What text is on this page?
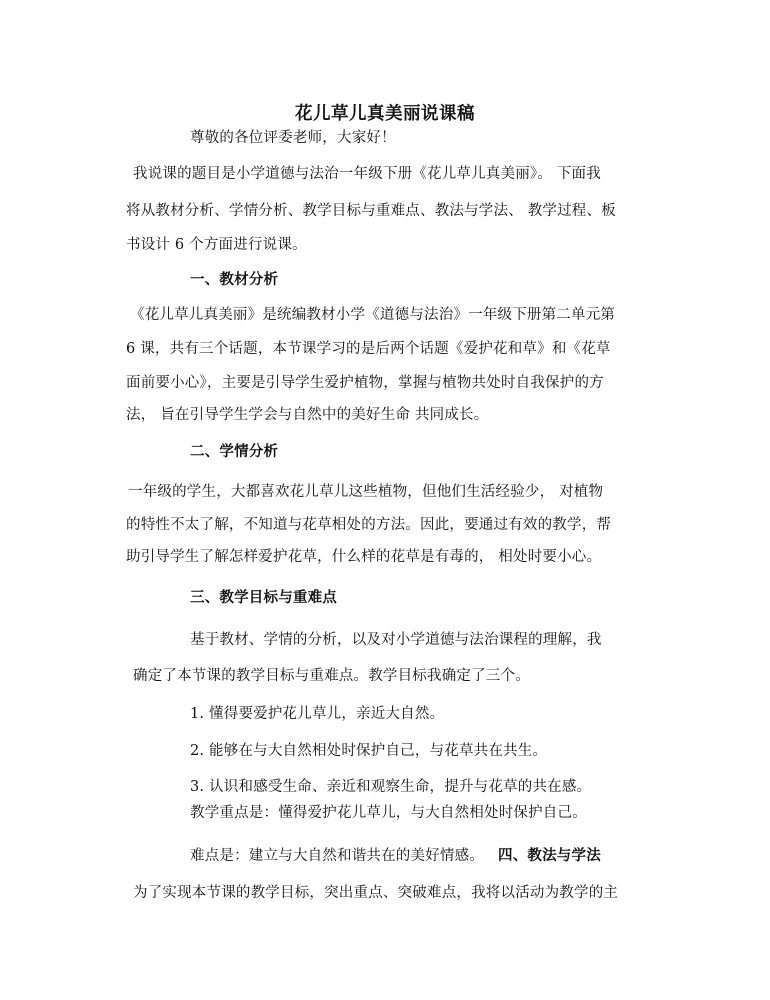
花儿草儿真美丽说课稿
尊敬的各位评委老师，大家好！
我说课的题目是小学道德与法治一年级下册《花儿草儿真美丽》。 下面我
将从教材分析、学情分析、教学目标与重难点、教法与学法、 教学过程、板
书设计 6 个方面进行说课。
一、教材分析
《花儿草儿真美丽》是统编教材小学《道德与法治》一年级下册第二单元第
6 课，共有三个话题，本节课学习的是后两个话题《爱护花和草》和《花草
面前要小心》，主要是引导学生爱护植物，掌握与植物共处时自我保护的方
法， 旨在引导学生学会与自然中的美好生命 共同成长。
二、学情分析
一年级的学生，大都喜欢花儿草儿这些植物，但他们生活经验少， 对植物
的特性不太了解，不知道与花草相处的方法。因此，要通过有效的教学，帮
助引导学生了解怎样爱护花草，什么样的花草是有毒的， 相处时要小心。
三、教学目标与重难点
基于教材、学情的分析，以及对小学道德与法治课程的理解，我
确定了本节课的教学目标与重难点。教学目标我确定了三个。
1. 懂得要爱护花儿草儿，亲近大自然。
2. 能够在与大自然相处时保护自己，与花草共在共生。
3. 认识和感受生命、亲近和观察生命，提升与花草的共在感。
教学重点是：懂得爱护花儿草儿，与大自然相处时保护自己。
难点是：建立与大自然和谐共在的美好情感。 四、教法与学法
为了实现本节课的教学目标，突出重点、突破难点，我将以活动为教学的主
